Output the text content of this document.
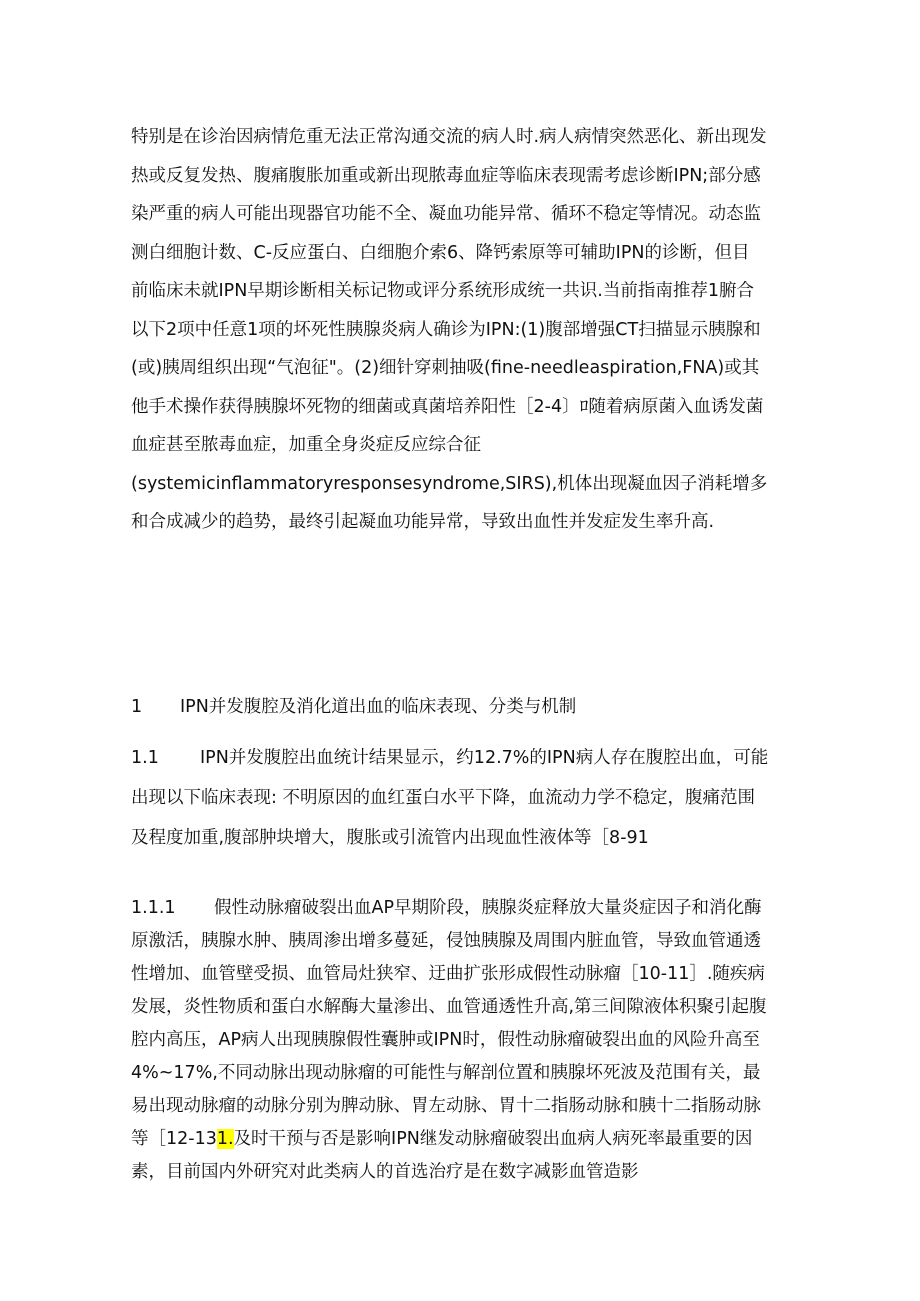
特别是在诊治因病情危重无法正常沟通交流的病人时.病人病情突然恶化、新出现发
热或反复发热、腹痛腹胀加重或新出现脓毒血症等临床表现需考虑诊断IPN;部分感
染严重的病人可能出现器官功能不全、凝血功能异常、循环不稳定等情况。动态监
测白细胞计数、C-反应蛋白、白细胞介索6、降钙索原等可辅助IPN的诊断，但目
前临床未就IPN早期诊断相关标记物或评分系统形成统一共识.当前指南推荐1腑合
以下2项中任意1项的坏死性胰腺炎病人确诊为IPN:(1)腹部增强CT扫描显示胰腺和
(或)胰周组织出现“气泡征"。(2)细针穿刺抽吸(fine-needleaspiration,FNA)或其
他手术操作获得胰腺坏死物的细菌或真菌培养阳性［2-4〕ﾛ随着病原菌入血诱发菌
血症甚至脓毒血症，加重全身炎症反应综合征
(systemicinflammatoryresponsesyndrome,SIRS),机体出现凝血因子消耗增多
和合成减少的趋势，最终引起凝血功能异常，导致出血性并发症发生率升高.
1 IPN并发腹腔及消化道出血的临床表现、分类与机制
1.1 IPN并发腹腔出血统计结果显示，约12.7%的IPN病人存在腹腔出血，可能
出现以下临床表现: 不明原因的血红蛋白水平下降，血流动力学不稳定，腹痛范围
及程度加重,腹部肿块增大，腹胀或引流管内出现血性液体等［8-91
1.1.1 假性动脉瘤破裂出血AP早期阶段，胰腺炎症释放大量炎症因子和消化酶
原激活，胰腺水肿、胰周渗出增多蔓延，侵蚀胰腺及周围内脏血管，导致血管通透
性增加、血管壁受损、血管局灶狭窄、迂曲扩张形成假性动脉瘤［10-11］.随疾病
发展，炎性物质和蛋白水解酶大量渗出、血管通透性升高,第三间隙液体积聚引起腹
腔内高压，AP病人出现胰腺假性囊肿或IPN时，假性动脉瘤破裂出血的风险升高至
4%~17%,不同动脉出现动脉瘤的可能性与解剖位置和胰腺坏死波及范围有关，最
易出现动脉瘤的动脉分别为脾动脉、胃左动脉、胃十二指肠动脉和胰十二指肠动脉
等［12-131.及时干预与否是影响IPN继发动脉瘤破裂出血病人病死率最重要的因
素，目前国内外研究对此类病人的首选治疗是在数字减影血管造影
